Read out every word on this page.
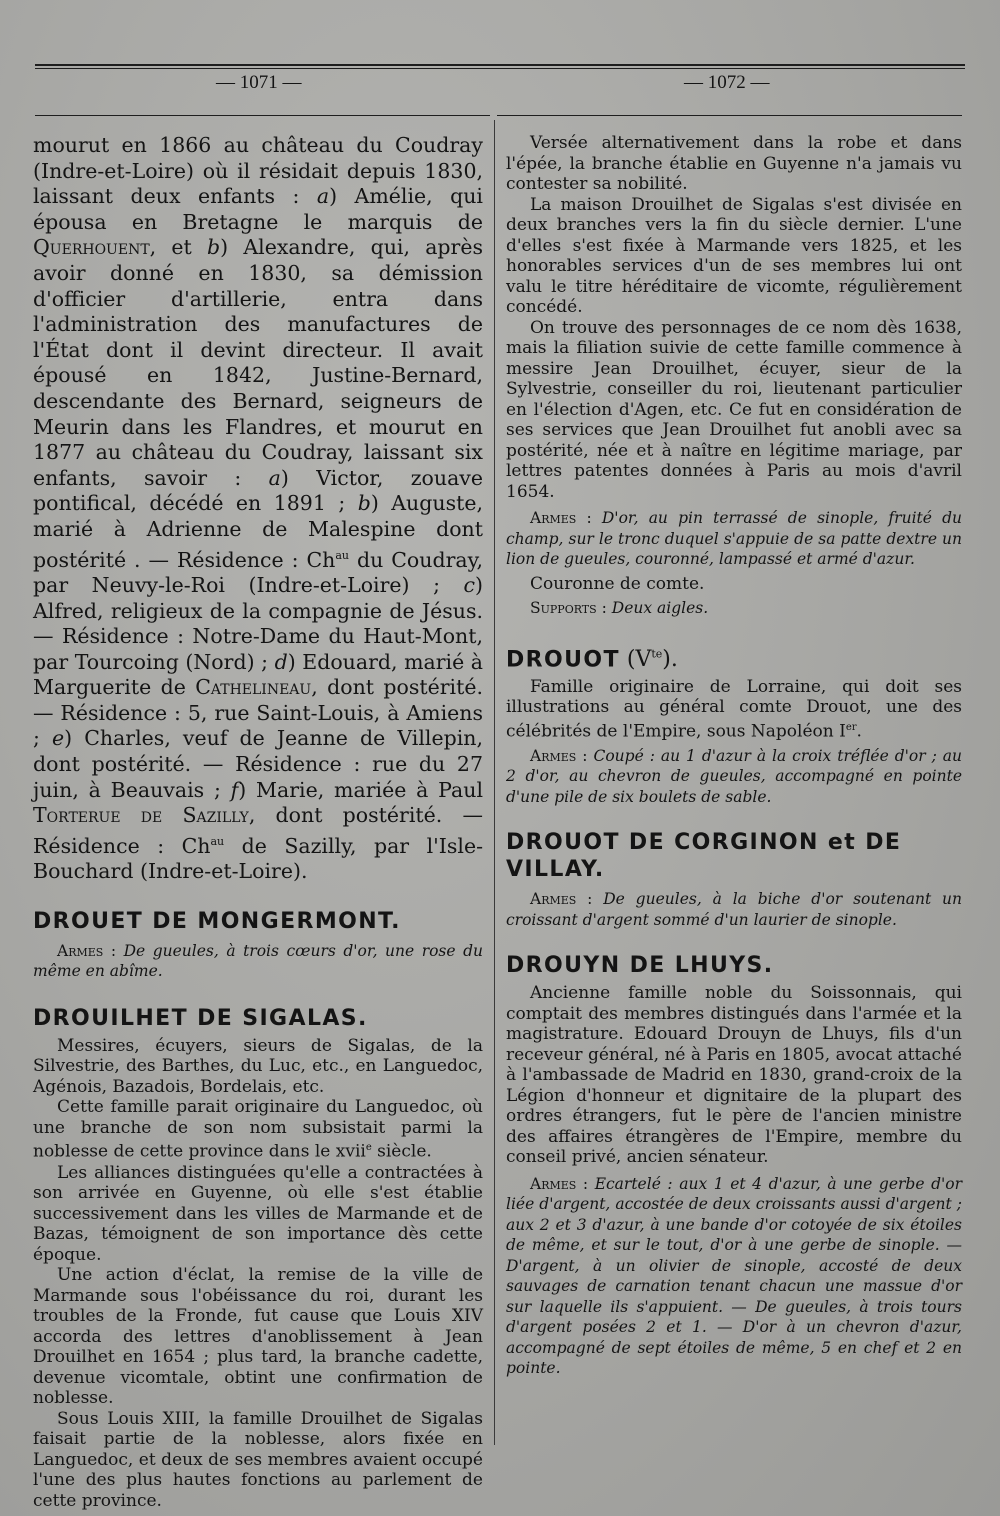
— 1071 —	— 1072 —

mourut en 1866 au château du Coudray (Indre-et-Loire) où il résidait depuis 1830, laissant deux enfants : a) Amélie, qui épousa en Bretagne le marquis de Querhouent, et b) Alexandre, qui, après avoir donné en 1830, sa démission d'officier d'artillerie, entra dans l'administration des manufactures de l'État dont il devint directeur. Il avait épousé en 1842, Justine-Bernard, descendante des Bernard, seigneurs de Meurin dans les Flandres, et mourut en 1877 au château du Coudray, laissant six enfants, savoir : a) Victor, zouave pontifical, décédé en 1891 ; b) Auguste, marié à Adrienne de Malespine dont postérité . — Résidence : $Ch^{au}$ du Coudray, par Neuvy-le-Roi (Indre-et-Loire) ; c) Alfred, religieux de la compagnie de Jésus. — Résidence : Notre-Dame du Haut-Mont, par Tourcoing (Nord) ; d) Edouard, marié à Marguerite de Cathelineau, dont postérité. — Résidence : 5, rue Saint-Louis, à Amiens ; e) Charles, veuf de Jeanne de Villepin, dont postérité. — Résidence : rue du 27 juin, à Beauvais ; f) Marie, mariée à Paul Torterue de Sazilly, dont postérité. — Résidence : $Ch^{au}$ de Sazilly, par l'Isle-Bouchard (Indre-et-Loire).

DROUET DE MONGERMONT.

Armes : De gueules, à trois cœurs d'or, une rose du même en abîme.

DROUILHET DE SIGALAS.

Messires, écuyers, sieurs de Sigalas, de la Silvestrie, des Barthes, du Luc, etc., en Languedoc, Agénois, Bazadois, Bordelais, etc.

Cette famille parait originaire du Languedoc, où une branche de son nom subsistait parmi la noblesse de cette province dans le xvii$^e$ siècle.

Les alliances distinguées qu'elle a contractées à son arrivée en Guyenne, où elle s'est établie successivement dans les villes de Marmande et de Bazas, témoignent de son importance dès cette époque.

Une action d'éclat, la remise de la ville de Marmande sous l'obéissance du roi, durant les troubles de la Fronde, fut cause que Louis XIV accorda des lettres d'anoblissement à Jean Drouilhet en 1654 ; plus tard, la branche cadette, devenue vicomtale, obtint une confirmation de noblesse.

Sous Louis XIII, la famille Drouilhet de Sigalas faisait partie de la noblesse, alors fixée en Languedoc, et deux de ses membres avaient occupé l'une des plus hautes fonctions au parlement de cette province.

Versée alternativement dans la robe et dans l'épée, la branche établie en Guyenne n'a jamais vu contester sa nobilité.

La maison Drouilhet de Sigalas s'est divisée en deux branches vers la fin du siècle dernier. L'une d'elles s'est fixée à Marmande vers 1825, et les honorables services d'un de ses membres lui ont valu le titre héréditaire de vicomte, régulièrement concédé.

On trouve des personnages de ce nom dès 1638, mais la filiation suivie de cette famille commence à messire Jean Drouilhet, écuyer, sieur de la Sylvestrie, conseiller du roi, lieutenant particulier en l'élection d'Agen, etc. Ce fut en considération de ses services que Jean Drouilhet fut anobli avec sa postérité, née et à naître en légitime mariage, par lettres patentes données à Paris au mois d'avril 1654.

Armes : D'or, au pin terrassé de sinople, fruité du champ, sur le tronc duquel s'appuie de sa patte dextre un lion de gueules, couronné, lampassé et armé d'azur.

Couronne de comte.

Supports : Deux aigles.

DROUOT $(V^{te})$.

Famille originaire de Lorraine, qui doit ses illustrations au général comte Drouot, une des célébrités de l'Empire, sous Napoléon Ier.

Armes : Coupé : au 1 d'azur à la croix tréflée d'or ; au 2 d'or, au chevron de gueules, accompagné en pointe d'une pile de six boulets de sable.

DROUOT DE CORGINON et DE VILLAY.

Armes : De gueules, à la biche d'or soutenant un croissant d'argent sommé d'un laurier de sinople.

DROUYN DE LHUYS.

Ancienne famille noble du Soissonnais, qui comptait des membres distingués dans l'armée et la magistrature. Edouard Drouyn de Lhuys, fils d'un receveur général, né à Paris en 1805, avocat attaché à l'ambassade de Madrid en 1830, grand-croix de la Légion d'honneur et dignitaire de la plupart des ordres étrangers, fut le père de l'ancien ministre des affaires étrangères de l'Empire, membre du conseil privé, ancien sénateur.

Armes : Ecartelé : aux 1 et 4 d'azur, à une gerbe d'or liée d'argent, accostée de deux croissants aussi d'argent ; aux 2 et 3 d'azur, à une bande d'or cotoyée de six étoiles de même, et sur le tout, d'or à une gerbe de sinople. — D'argent, à un olivier de sinople, accosté de deux sauvages de carnation tenant chacun une massue d'or sur laquelle ils s'appuient. — De gueules, à trois tours d'argent posées 2 et 1. — D'or à un chevron d'azur, accompagné de sept étoiles de même, 5 en chef et 2 en pointe.
